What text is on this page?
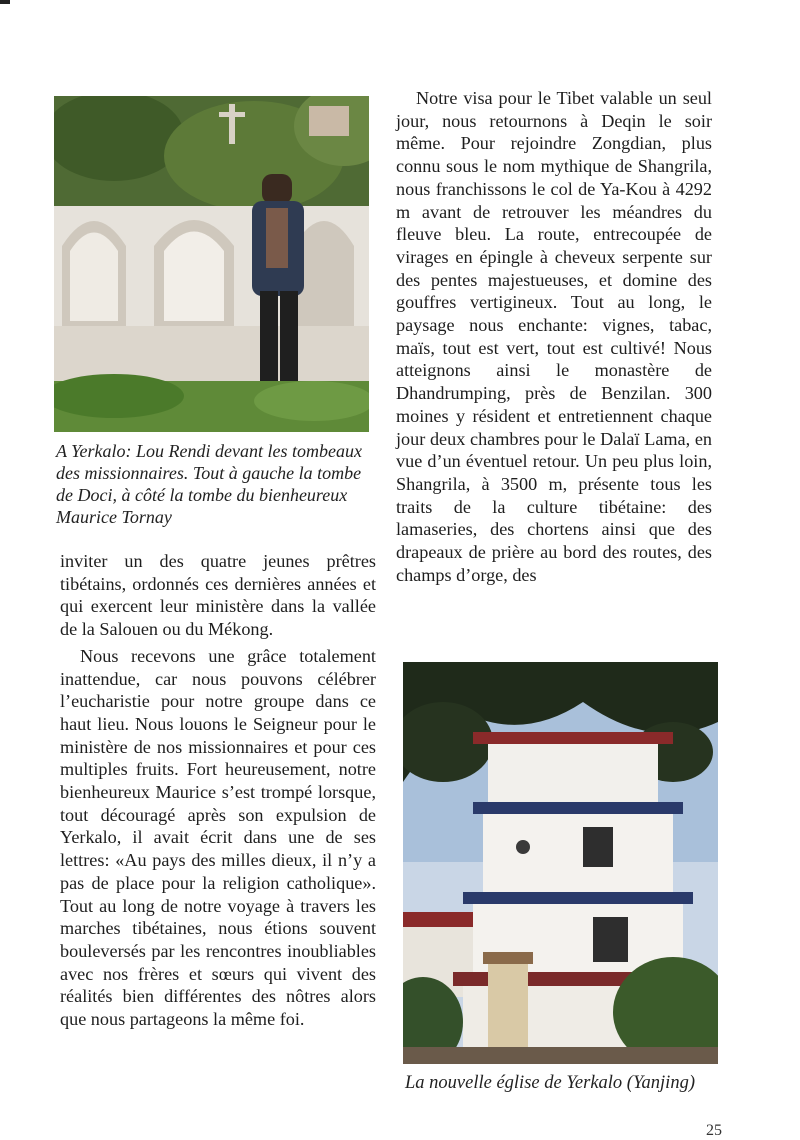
A Yerkalo: Lou Rendi devant les tombeaux des missionnaires. Tout à gauche la tombe de Doci, à côté la tombe du bienheureux Maurice Tornay

inviter un des quatre jeunes prêtres tibétains, ordonnés ces dernières années et qui exercent leur ministère dans la vallée de la Salouen ou du Mékong.

Nous recevons une grâce totalement inattendue, car nous pouvons célébrer l’eucharistie pour notre groupe dans ce haut lieu. Nous louons le Seigneur pour le ministère de nos missionnaires et pour ces multiples fruits. Fort heureusement, notre bienheureux Maurice s’est trompé lorsque, tout découragé après son expulsion de Yerkalo, il avait écrit dans une de ses lettres: «Au pays des milles dieux, il n’y a pas de place pour la religion catholique». Tout au long de notre voyage à travers les marches tibétaines, nous étions souvent bouleversés par les rencontres inoubliables avec nos frères et sœurs qui vivent des réalités bien différentes des nôtres alors que nous partageons la même foi.

Notre visa pour le Tibet valable un seul jour, nous retournons à Deqin le soir même. Pour rejoindre Zongdian, plus connu sous le nom mythique de Shangrila, nous franchissons le col de Ya-Kou à 4292 m avant de retrouver les méandres du fleuve bleu. La route, entrecoupée de virages en épingle à cheveux serpente sur des pentes majestueuses, et domine des gouffres vertigineux. Tout au long, le paysage nous enchante: vignes, tabac, maïs, tout est vert, tout est cultivé! Nous atteignons ainsi le monastère de Dhandrumping, près de Benzilan. 300 moines y résident et entretiennent chaque jour deux chambres pour le Dalaï Lama, en vue d’un éventuel retour. Un peu plus loin, Shangrila, à 3500 m, présente tous les traits de la culture tibétaine: des lamaseries, des chortens ainsi que des drapeaux de prière au bord des routes, des champs d’orge, des

La nouvelle église de Yerkalo (Yanjing)
25
